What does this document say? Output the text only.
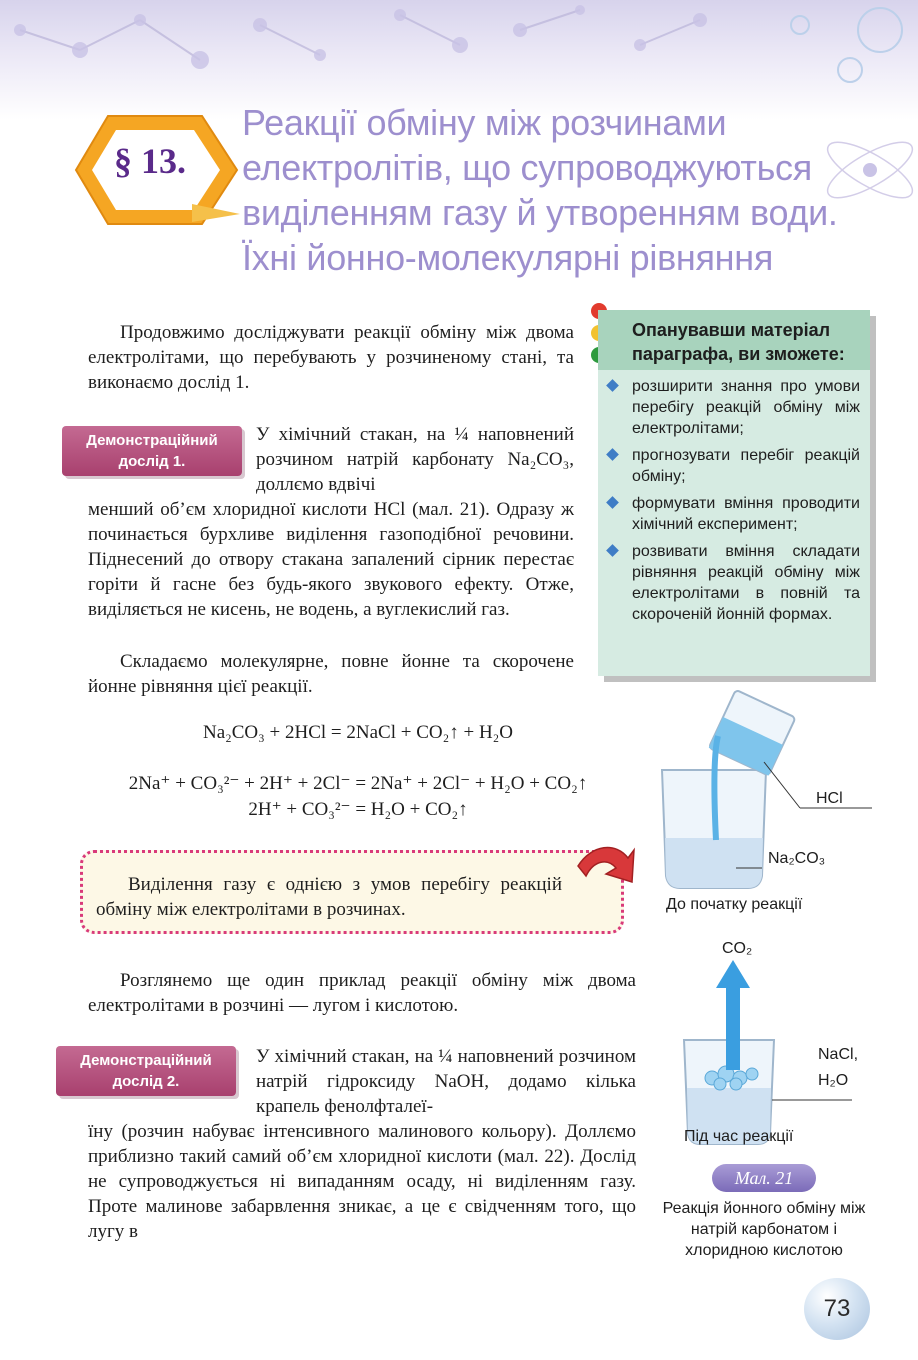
§ 13.
Реакції обміну між розчинами
електролітів, що супроводжуються
виділенням газу й утворенням води.
Їхні йонно-молекулярні рівняння
Продовжимо досліджувати реакції обміну між двома електролітами, що перебувають у розчиненому стані, та виконаємо дослід 1.
Опанувавши матеріал параграфа, ви зможете:
розширити знання про умови перебігу реакцій обміну між електролітами;
прогнозувати перебіг реакцій обміну;
формувати вміння проводити хімічний експеримент;
розвивати вміння складати рівняння реакцій обміну між електролітами в повній та скороченій йонній формах.
Демонстраційний
дослід 1.
У хімічний стакан, на ¼ наповнений розчином натрій карбонату Na₂CO₃, доллємо вдвічі
менший об’єм хлоридної кислоти HCl (мал. 21). Одразу ж починається бурхливе виділення газоподібної речовини. Піднесений до отвору стакана запалений сірник перестає горіти й гасне без будь-якого звукового ефекту. Отже, виділяється не кисень, не водень, а вуглекислий газ.
Складаємо молекулярне, повне йонне та скорочене йонне рівняння цієї реакції.
Na₂CO₃ + 2HCl = 2NaCl + CO₂↑ + H₂O
2Na⁺ + CO₃²⁻ + 2H⁺ + 2Cl⁻ = 2Na⁺ + 2Cl⁻ + H₂O + CO₂↑
2H⁺ + CO₃²⁻ = H₂O + CO₂↑
Виділення газу є однією з умов перебігу реакцій обміну між електролітами в розчинах.
Розглянемо ще один приклад реакції обміну між двома електролітами в розчині — лугом і кислотою.
Демонстраційний
дослід 2.
У хімічний стакан, на ¼ наповнений розчином натрій гідроксиду NaOH, додамо кілька крапель фенолфталеї-
їну (розчин набуває інтенсивного малинового кольору). Доллємо приблизно такий самий об’єм хлоридної кислоти (мал. 22). Дослід не супроводжується ні випаданням осаду, ні виділенням газу. Проте малинове забарвлення зникає, а це є свідченням того, що лугу в
HCl
Na₂CO₃
До початку реакції
CO₂
NaCl,
H₂O
Під час реакції
Мал. 21
Реакція йонного обміну між натрій карбонатом і хлоридною кислотою
73
